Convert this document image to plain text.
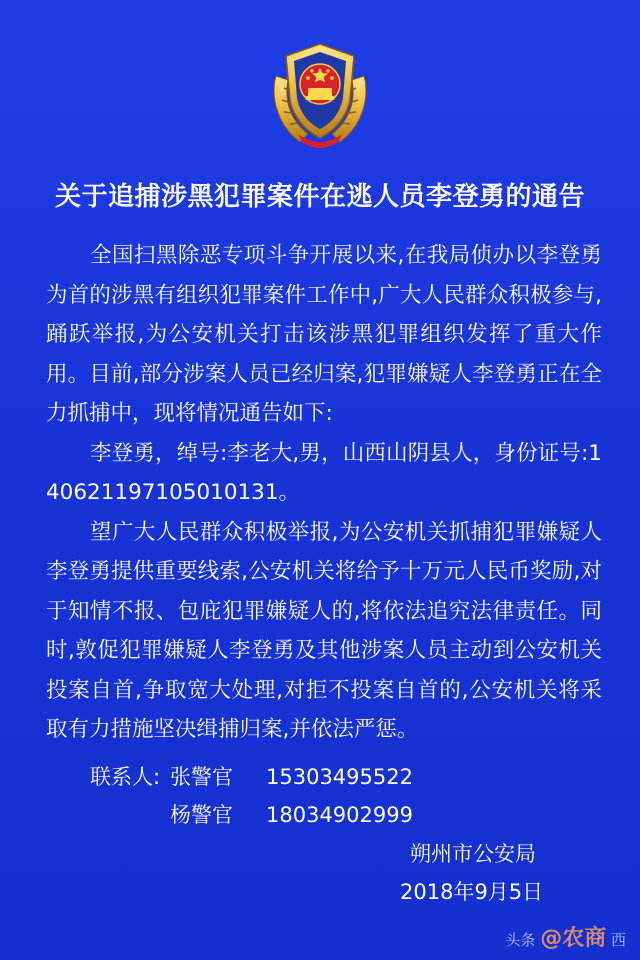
关于追捕涉黑犯罪案件在逃人员李登勇的通告

全国扫黑除恶专项斗争开展以来,在我局侦办以李登勇为首的涉黑有组织犯罪案件工作中,广大人民群众积极参与,踊跃举报,为公安机关打击该涉黑犯罪组织发挥了重大作用。目前,部分涉案人员已经归案,犯罪嫌疑人李登勇正在全力抓捕中，现将情况通告如下:

李登勇，绰号:李老大,男，山西山阴县人，身份证号:140621197105010131。

望广大人民群众积极举报,为公安机关抓捕犯罪嫌疑人李登勇提供重要线索,公安机关将给予十万元人民币奖励,对于知情不报、包庇犯罪嫌疑人的,将依法追究法律责任。同时,敦促犯罪嫌疑人李登勇及其他涉案人员主动到公安机关投案自首,争取宽大处理,对拒不投案自首的,公安机关将采取有力措施坚决缉捕归案,并依法严惩。

联系人: 张警官 15303495522
杨警官 18034902999
朔州市公安局
2018年9月5日
头条 @农商 西
